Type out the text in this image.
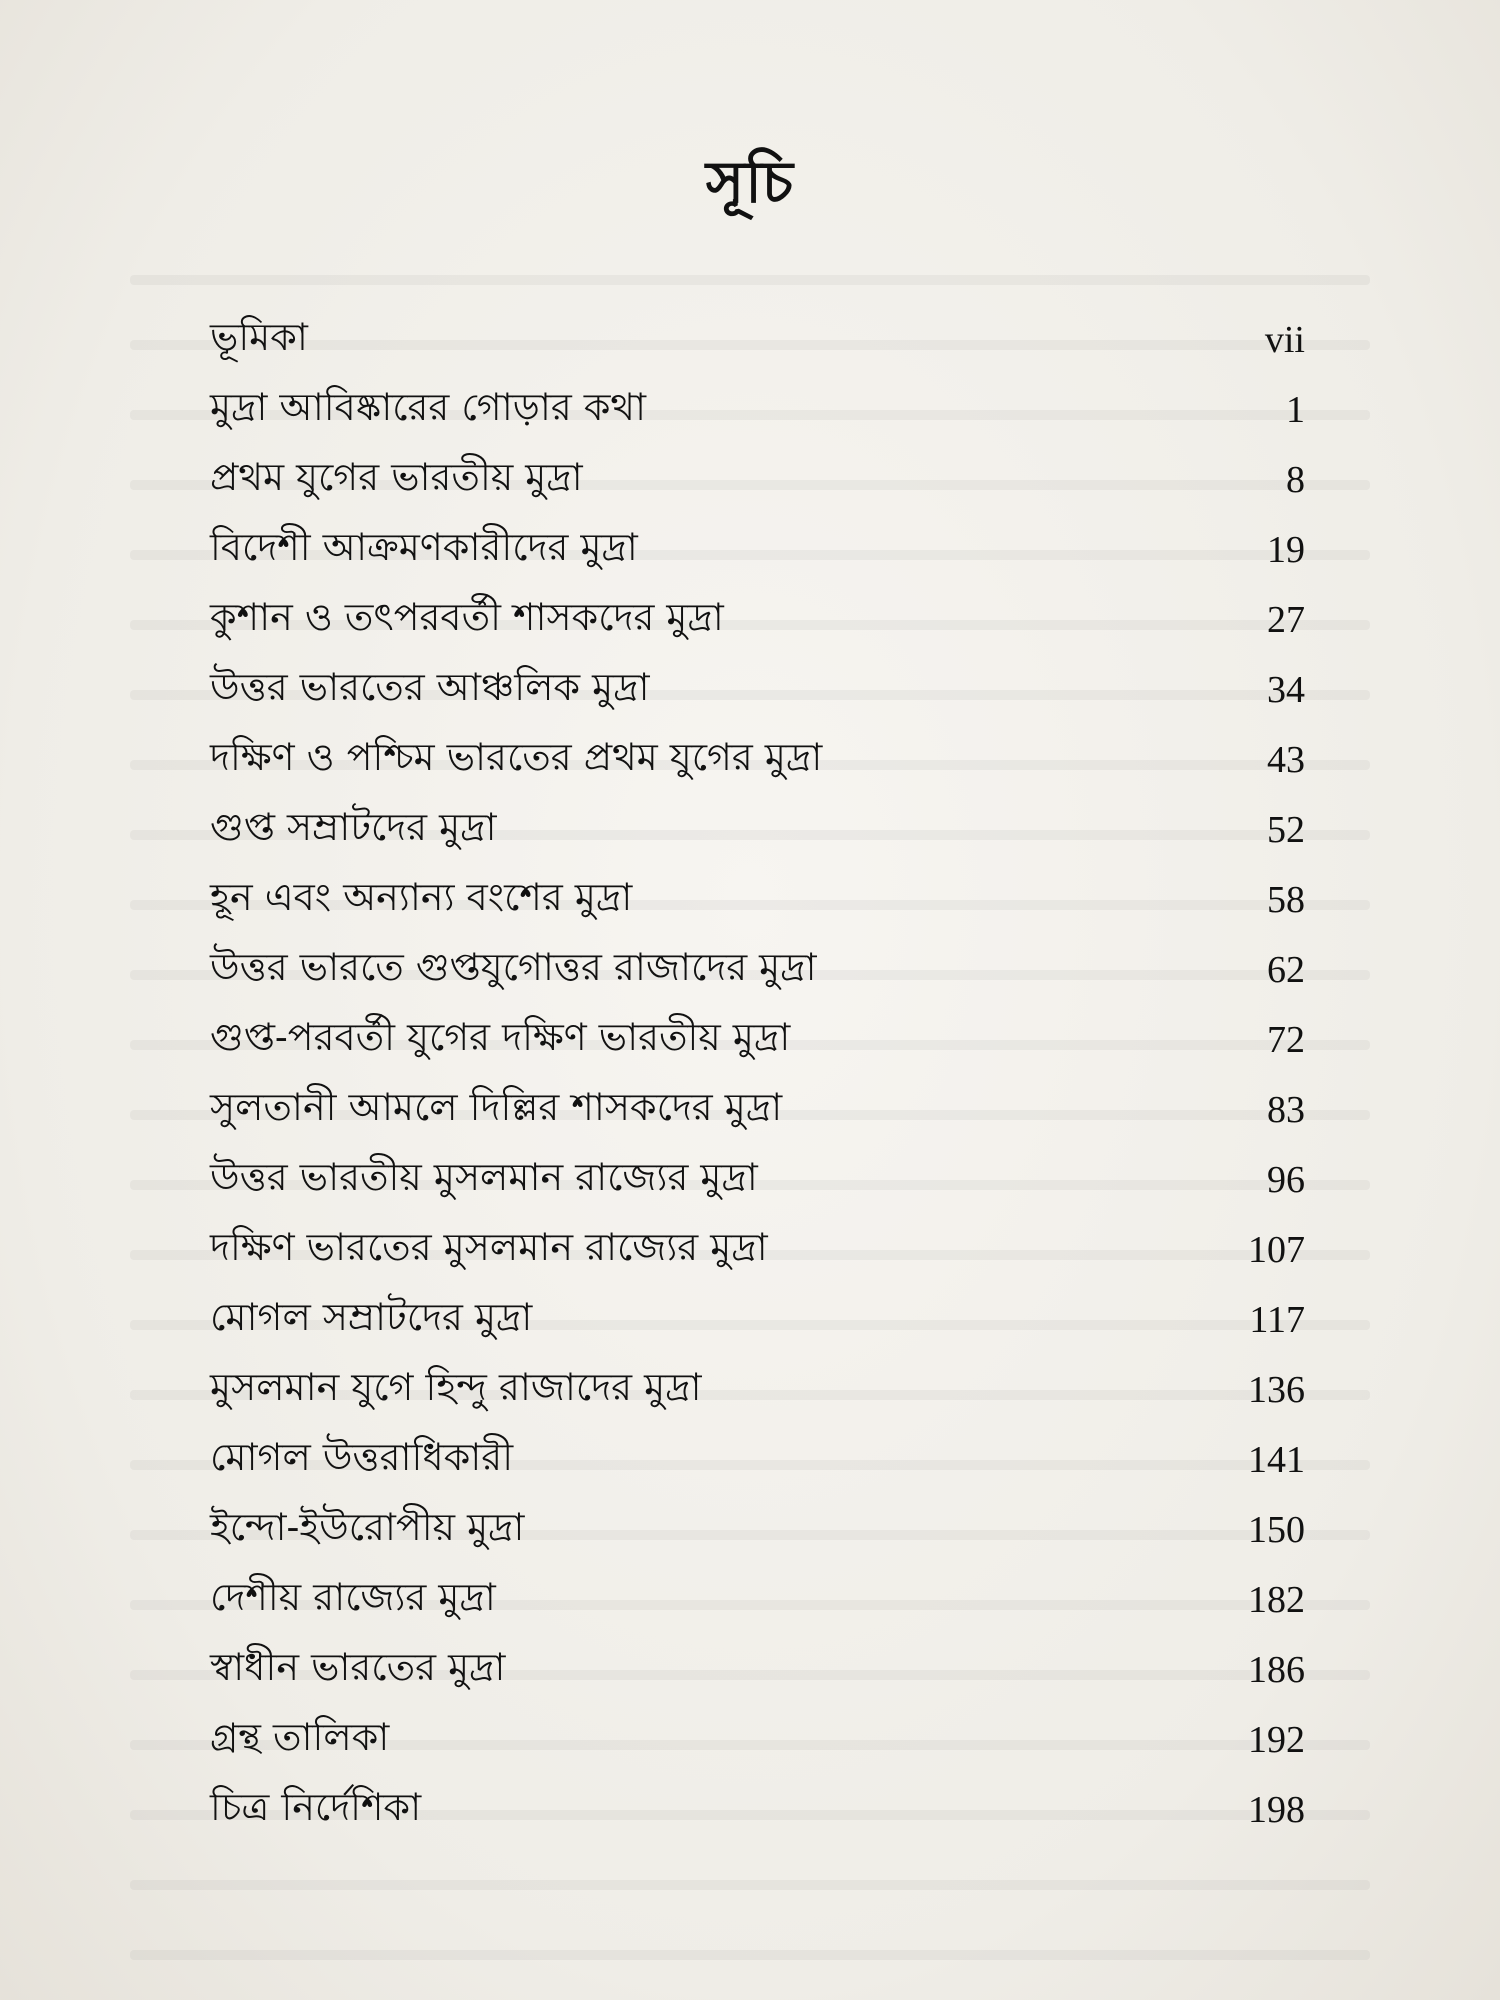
সূচি
ভূমিকা	vii
মুদ্রা আবিষ্কারের গোড়ার কথা	1
প্রথম যুগের ভারতীয় মুদ্রা	8
বিদেশী আক্রমণকারীদের মুদ্রা	19
কুশান ও তৎপরবর্তী শাসকদের মুদ্রা	27
উত্তর ভারতের আঞ্চলিক মুদ্রা	34
দক্ষিণ ও পশ্চিম ভারতের প্রথম যুগের মুদ্রা	43
গুপ্ত সম্রাটদের মুদ্রা	52
হূন এবং অন্যান্য বংশের মুদ্রা	58
উত্তর ভারতে গুপ্তযুগোত্তর রাজাদের মুদ্রা	62
গুপ্ত-পরবর্তী যুগের দক্ষিণ ভারতীয় মুদ্রা	72
সুলতানী আমলে দিল্লির শাসকদের মুদ্রা	83
উত্তর ভারতীয় মুসলমান রাজ্যের মুদ্রা	96
দক্ষিণ ভারতের মুসলমান রাজ্যের মুদ্রা	107
মোগল সম্রাটদের মুদ্রা	117
মুসলমান যুগে হিন্দু রাজাদের মুদ্রা	136
মোগল উত্তরাধিকারী	141
ইন্দো-ইউরোপীয় মুদ্রা	150
দেশীয় রাজ্যের মুদ্রা	182
স্বাধীন ভারতের মুদ্রা	186
গ্রন্থ তালিকা	192
চিত্র নির্দেশিকা	198
